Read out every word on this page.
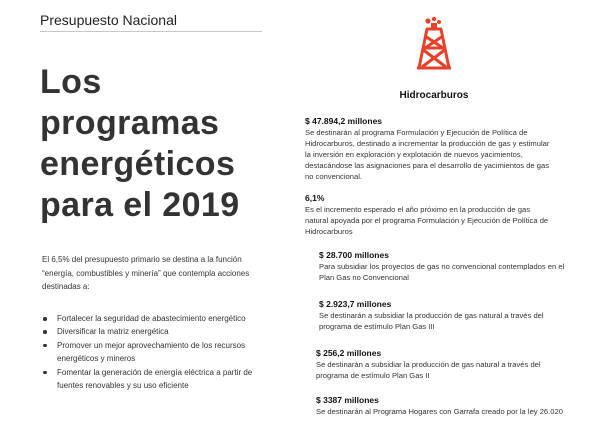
Presupuesto Nacional
Los
programas
energéticos
para el 2019

El 6,5% del presupuesto primario se destina a la función “energía, combustibles y minería” que contempla acciones destinadas a:

Fortalecer la seguridad de abastecimiento energético
Diversificar la matriz energética
Promover un mejor aprovechamiento de los recursos energéticos y mineros
Fomentar la generación de energía eléctrica a partir de fuentes renovables y su uso eficiente
Hidrocarburos
$ 47.894,2 millones
Se destinarán al programa Formulación y Ejecución de Política de Hidrocarburos, destinado a incrementar la producción de gas y estimular la inversión en exploración y explotación de nuevos yacimientos, destacándose las asignaciones para el desarrollo de yacimientos de gas no convencional.
6,1%
Es el incremento esperado el año próximo en la producción de gas natural apoyada por el programa Formulación y Ejecución de Política de Hidrocarburos
$ 28.700 millones
Para subsidiar los proyectos de gas no convencional contemplados en el Plan Gas no Convencional
$ 2.923,7 millones
Se destinarán a subsidiar la producción de gas natural a través del programa de estímulo Plan Gas III
$ 256,2 millones
Se destinarán a subsidiar la producción de gas natural a través del programa de estímulo Plan Gas II
$ 3387 millones
Se destinarán al Programa Hogares con Garrafa creado por la ley 26.020
